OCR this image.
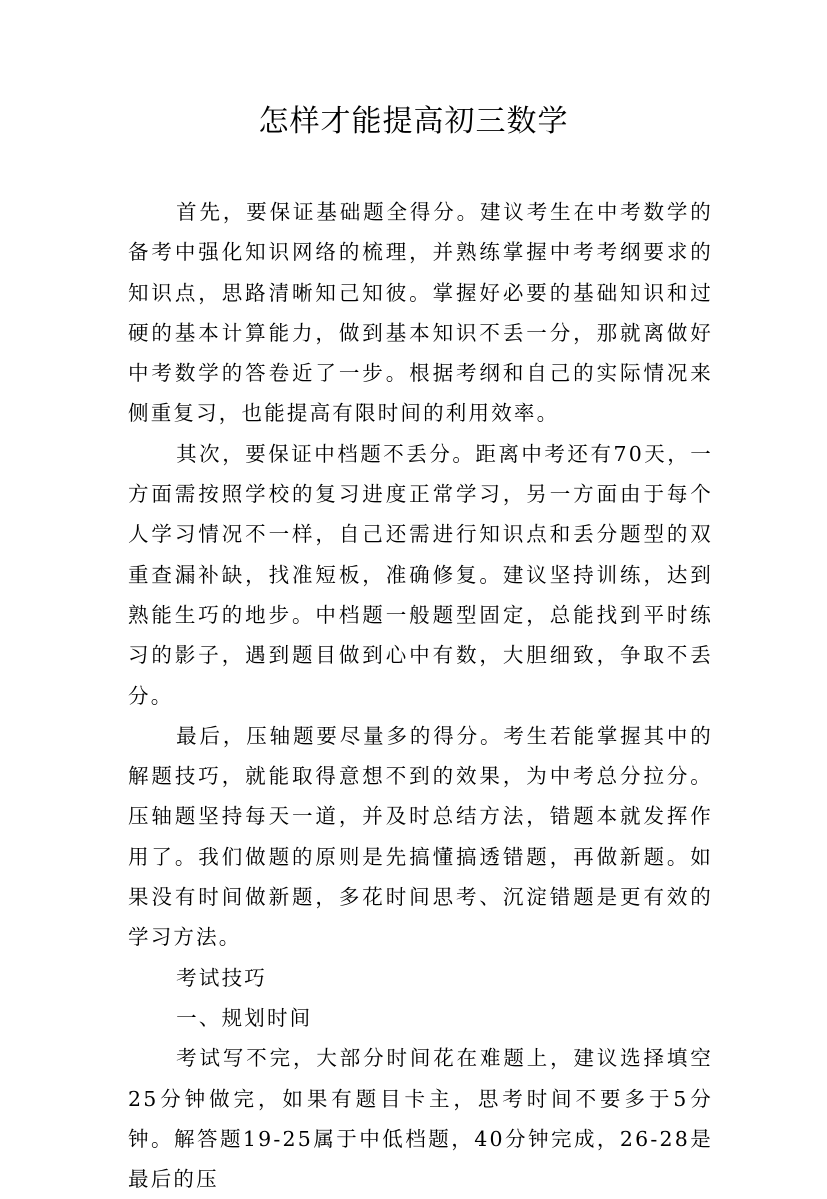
怎样才能提高初三数学

首先，要保证基础题全得分。建议考生在中考数学的备考中强化知识网络的梳理，并熟练掌握中考考纲要求的知识点，思路清晰知己知彼。掌握好必要的基础知识和过硬的基本计算能力，做到基本知识不丢一分，那就离做好中考数学的答卷近了一步。根据考纲和自己的实际情况来侧重复习，也能提高有限时间的利用效率。

其次，要保证中档题不丢分。距离中考还有70天，一方面需按照学校的复习进度正常学习，另一方面由于每个人学习情况不一样，自己还需进行知识点和丢分题型的双重查漏补缺，找准短板，准确修复。建议坚持训练，达到熟能生巧的地步。中档题一般题型固定，总能找到平时练习的影子，遇到题目做到心中有数，大胆细致，争取不丢分。

最后，压轴题要尽量多的得分。考生若能掌握其中的解题技巧，就能取得意想不到的效果，为中考总分拉分。压轴题坚持每天一道，并及时总结方法，错题本就发挥作用了。我们做题的原则是先搞懂搞透错题，再做新题。如果没有时间做新题，多花时间思考、沉淀错题是更有效的学习方法。

考试技巧

一、规划时间

考试写不完，大部分时间花在难题上，建议选择填空25分钟做完，如果有题目卡主，思考时间不要多于5分钟。解答题19-25属于中低档题，40分钟完成，26-28是最后的压
